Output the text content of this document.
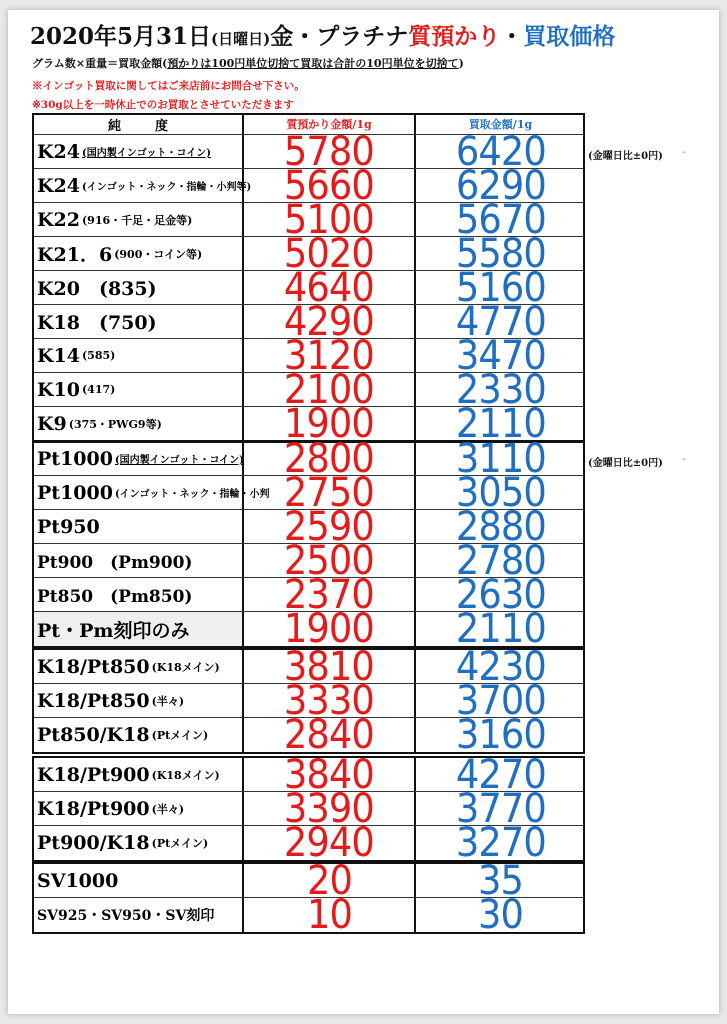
2020年5月31日(日曜日)金・プラチナ質預かり・買取価格
グラム数×重量＝買取金額(預かりは100円単位切捨て買取は合計の10円単位を切捨て)
※インゴット買取に関してはご来店前にお問合せ下さい。
※30g以上を一時休止でのお買取とさせていただきます
(金曜日比±0円) -
(金曜日比±0円) -
純度	質預かり金額/1g	買取金額/1g
K24 (国内製インゴット・コイン)	5780	6420
K24 (インゴット・ネック・指輪・小判等) 5660	6290
K22 (916・千足・足金等)	5100	5670
K21．6 (900・コイン等)	5020	5580
K20　(835)	4640	5160
K18　(750)	4290	4770
K14 (585)	3120	3470
K10 (417)	2100	2330
K9 (375・PWG9等)	1900	2110
Pt1000 (国内製インゴット・コイン)	2800	3110
Pt1000 (インゴット・ネック・指輪・小判 2750	3050
Pt950	2590	2880
Pt900　(Pm900)	2500	2780
Pt850　(Pm850)	2370	2630
Pt・Pm刻印のみ	1900	2110
K18/Pt850 (K18メイン)	3810	4230
K18/Pt850 (半々)	3330	3700
Pt850/K18 (Ptメイン)	2840	3160
K18/Pt900 (K18メイン)	3840	4270
K18/Pt900 (半々)	3390	3770
Pt900/K18 (Ptメイン)	2940	3270
SV1000	20	35
SV925・SV950・SV刻印	10	30
